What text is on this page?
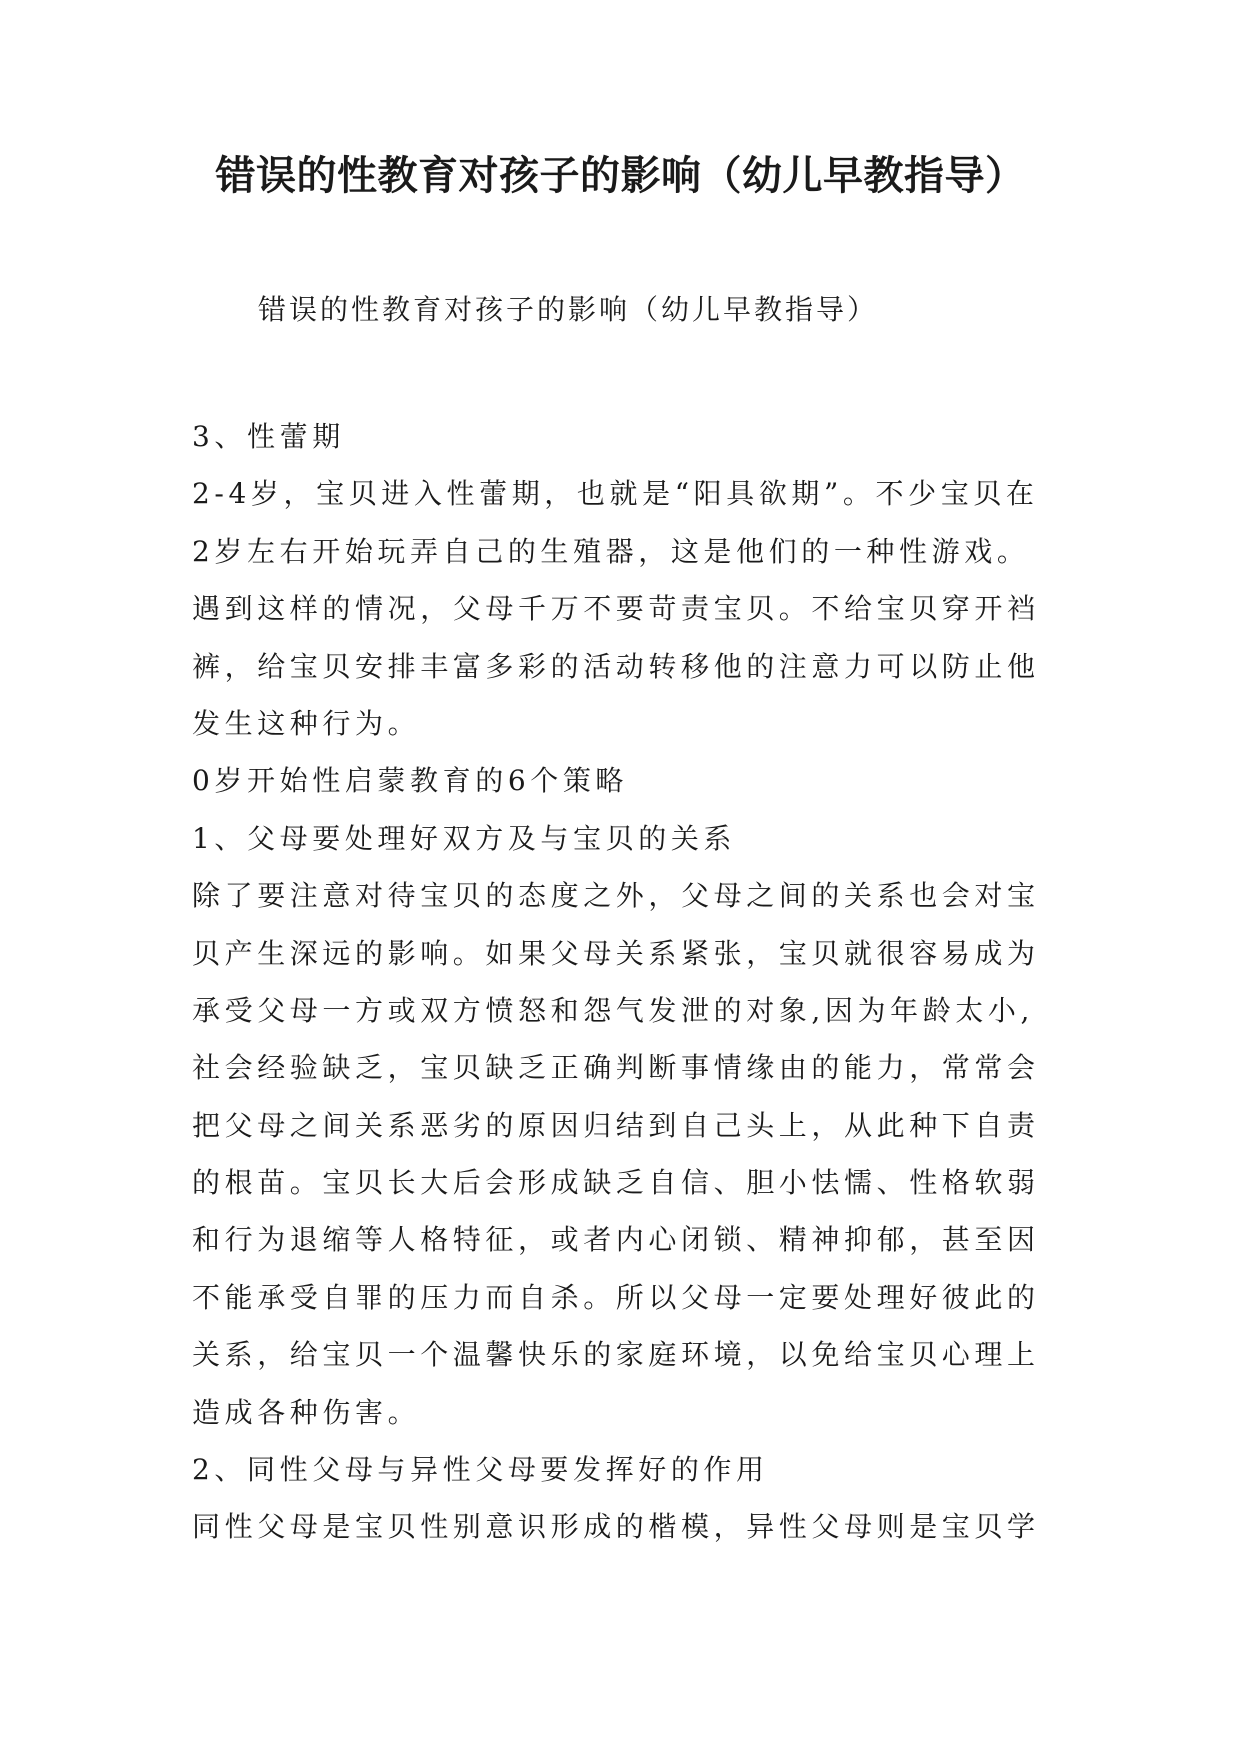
错误的性教育对孩子的影响（幼儿早教指导）
错误的性教育对孩子的影响（幼儿早教指导）
3、性蕾期
2-4岁，宝贝进入性蕾期，也就是“阳具欲期”。不少宝贝在
2岁左右开始玩弄自己的生殖器，这是他们的一种性游戏。
遇到这样的情况，父母千万不要苛责宝贝。不给宝贝穿开裆
裤，给宝贝安排丰富多彩的活动转移他的注意力可以防止他
发生这种行为。
0岁开始性启蒙教育的6个策略
1、父母要处理好双方及与宝贝的关系
除了要注意对待宝贝的态度之外，父母之间的关系也会对宝
贝产生深远的影响。如果父母关系紧张，宝贝就很容易成为
承受父母一方或双方愤怒和怨气发泄的对象,因为年龄太小,
社会经验缺乏，宝贝缺乏正确判断事情缘由的能力，常常会
把父母之间关系恶劣的原因归结到自己头上，从此种下自责
的根苗。宝贝长大后会形成缺乏自信、胆小怯懦、性格软弱
和行为退缩等人格特征，或者内心闭锁、精神抑郁，甚至因
不能承受自罪的压力而自杀。所以父母一定要处理好彼此的
关系，给宝贝一个温馨快乐的家庭环境，以免给宝贝心理上
造成各种伤害。
2、同性父母与异性父母要发挥好的作用
同性父母是宝贝性别意识形成的楷模，异性父母则是宝贝学
